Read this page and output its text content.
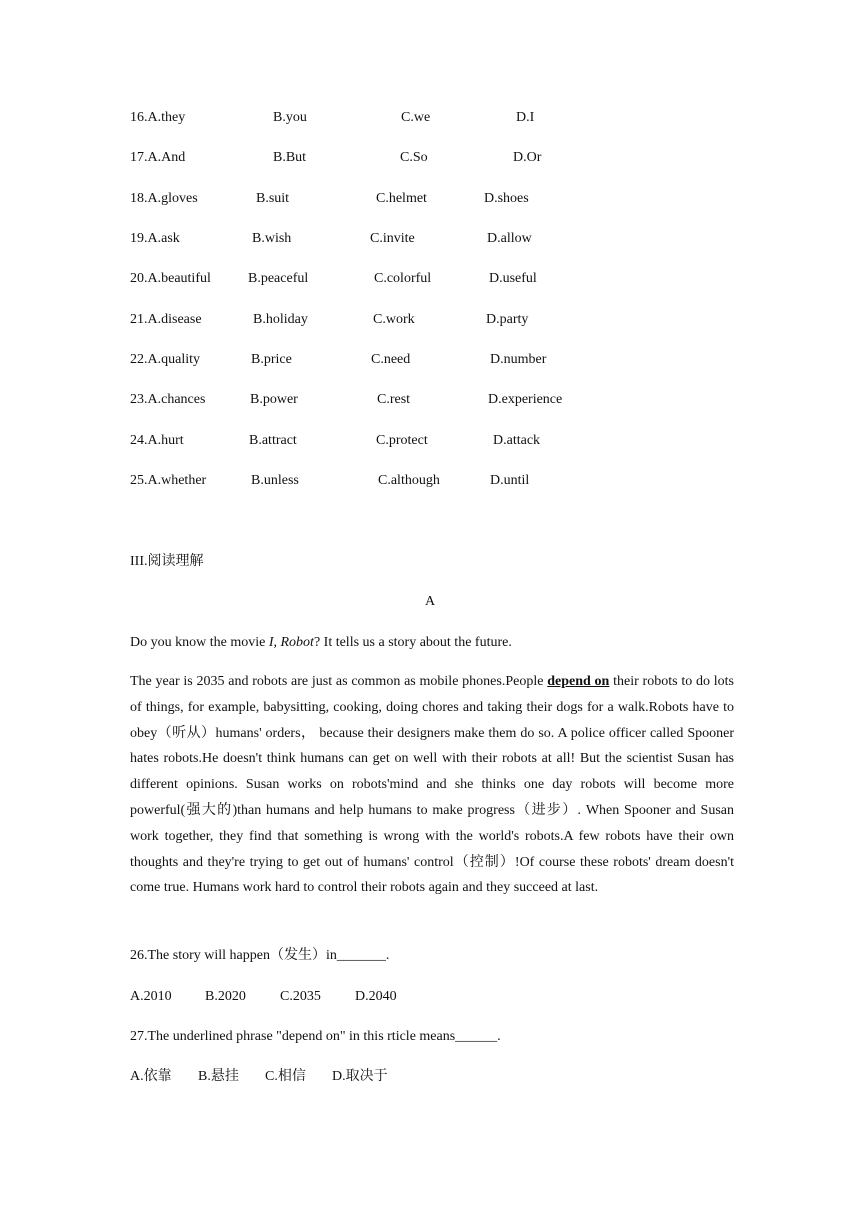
16.A.they	B.you	C.we	D.I
17.A.And	B.But	C.So	D.Or
18.A.gloves	B.suit	C.helmet	D.shoes
19.A.ask	B.wish	C.invite	D.allow
20.A.beautiful	B.peaceful	C.colorful	D.useful
21.A.disease	B.holiday	C.work	D.party
22.A.quality	B.price	C.need	D.number
23.A.chances	B.power	C.rest	D.experience
24.A.hurt	B.attract	C.protect	D.attack
25.A.whether	B.unless	C.although	D.until
III.阅读理解
A
Do you know the movie I, Robot? It tells us a story about the future.
The year is 2035 and robots are just as common as mobile phones.People depend on their robots to do lots of things, for example, babysitting, cooking, doing chores and taking their dogs for a walk.Robots have to obey（听从）humans' orders， because their designers make them do so. A police officer called Spooner hates robots.He doesn't think humans can get on well with their robots at all! But the scientist Susan has different opinions. Susan works on robots'mind and she thinks one day robots will become more powerful(强大的)than humans and help humans to make progress（进步）. When Spooner and Susan work together, they find that something is wrong with the world's robots.A few robots have their own thoughts and they're trying to get out of humans' control（控制）!Of course these robots' dream doesn't come true. Humans work hard to control their robots again and they succeed at last.
26.The story will happen（发生）in_______.
A.2010 B.2020 C.2035 D.2040
27.The underlined phrase "depend on" in this rticle means______.
A.依靠 B.悬挂 C.相信 D.取决于
